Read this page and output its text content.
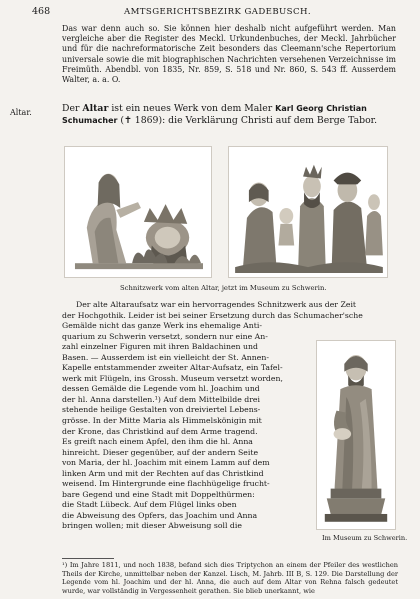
468	AMTSGERICHTSBEZIRK GADEBUSCH.

Das war denn auch so. Sie können hier deshalb nicht aufgeführt werden. Man vergleiche aber die Register des Meckl. Urkundenbuches, der Meckl. Jahrbücher und für die nachreformatorische Zeit besonders das Cleemann'sche Repertorium universale sowie die mit biographischen Nachrichten versehenen Verzeichnisse im Freimüth. Abendbl. von 1835, Nr. 859, S. 518 und Nr. 860, S. 543 ff. Ausserdem Walter, a. a. O.

Altar.	Der Altar ist ein neues Werk von dem Maler Karl Georg Christian Schumacher (✝ 1869): die Verklärung Christi auf dem Berge Tabor.

Schnitzwerk vom alten Altar, jetzt im Museum zu Schwerin.
Der alte Altaraufsatz war ein hervorragendes Schnitzwerk aus der Zeit
der Hochgothik. Leider ist bei seiner Ersetzung durch das Schumacher'sche
Gemälde nicht das ganze Werk ins ehemalige Anti-
quarium zu Schwerin versetzt, sondern nur eine An-
zahl einzelner Figuren mit ihren Baldachinen und
Basen. — Ausserdem ist ein vielleicht der St. Annen-
Kapelle entstammender zweiter Altar-Aufsatz, ein Tafel-
werk mit Flügeln, ins Grossh. Museum versetzt worden,
dessen Gemälde die Legende vom hl. Joachim und
der hl. Anna darstellen.¹) Auf dem Mittelbilde drei
stehende heilige Gestalten von dreiviertel Lebens-
grösse. In der Mitte Maria als Himmelskönigin mit
der Krone, das Christkind auf dem Arme tragend.
Es greift nach einem Apfel, den ihm die hl. Anna
hinreicht. Dieser gegenüber, auf der andern Seite
von Maria, der hl. Joachim mit einem Lamm auf dem
linken Arm und mit der Rechten auf das Christkind
weisend. Im Hintergrunde eine flachhügelige frucht-
bare Gegend und eine Stadt mit Doppelthürmen:
die Stadt Lübeck. Auf dem Flügel links oben
die Abweisung des Opfers, das Joachim und Anna
bringen wollen; mit dieser Abweisung soll die
Im Museum zu Schwerin.

¹) Im Jahre 1811, und noch 1838, befand sich dies Triptychon an einem der Pfeiler des westlichen Theils der Kirche, unmittelbar neben der Kanzel. Lisch, M. Jahrb. III B, S. 129. Die Darstellung der Legende vom hl. Joachim und der hl. Anna, die auch auf dem Altar von Rehna falsch gedeutet wurde, war vollständig in Vergessenheit gerathen. Sie blieb unerkannt, wie
